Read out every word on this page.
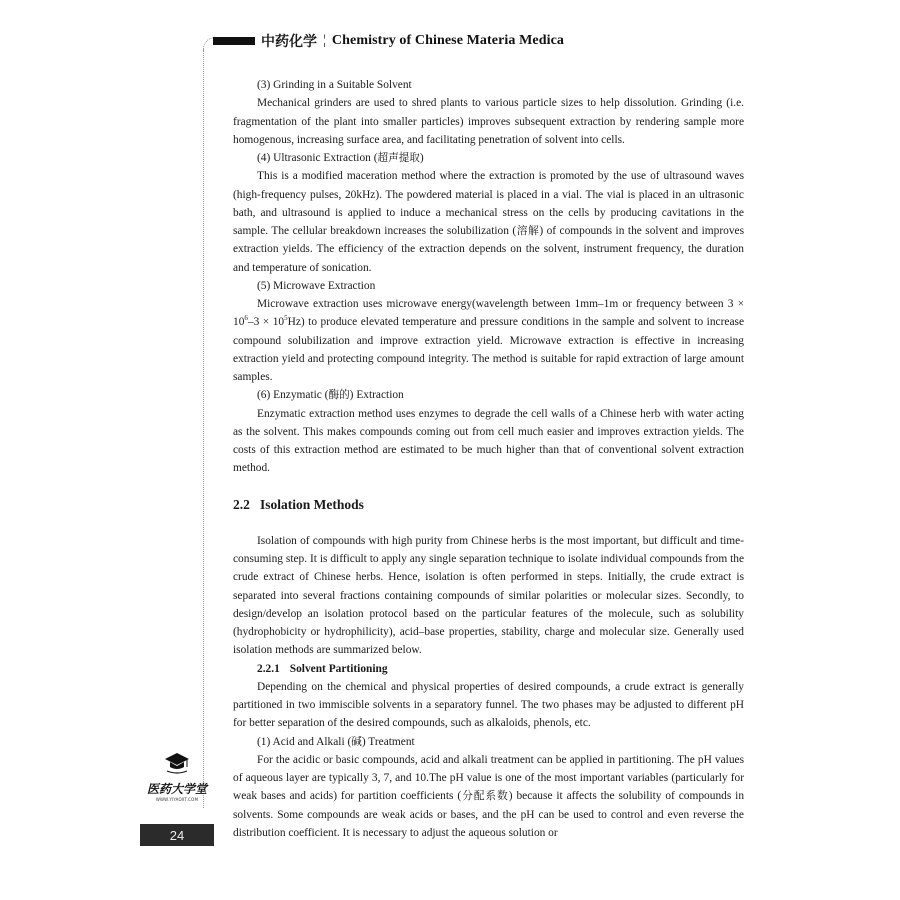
中药化学 ¦ Chemistry of Chinese Materia Medica

(3) Grinding in a Suitable Solvent

Mechanical grinders are used to shred plants to various particle sizes to help dissolution. Grinding (i.e. fragmentation of the plant into smaller particles) improves subsequent extraction by rendering sample more homogenous, increasing surface area, and facilitating penetration of solvent into cells.

(4) Ultrasonic Extraction (超声提取)

This is a modified maceration method where the extraction is promoted by the use of ultrasound waves (high-frequency pulses, 20kHz). The powdered material is placed in a vial. The vial is placed in an ultrasonic bath, and ultrasound is applied to induce a mechanical stress on the cells by producing cavitations in the sample. The cellular breakdown increases the solubilization (溶解) of compounds in the solvent and improves extraction yields. The efficiency of the extraction depends on the solvent, instrument frequency, the duration and temperature of sonication.

(5) Microwave Extraction

Microwave extraction uses microwave energy(wavelength between 1mm–1m or frequency between $3 \times 10^6-3 \times 10^5Hz$) to produce elevated temperature and pressure conditions in the sample and solvent to increase compound solubilization and improve extraction yield. Microwave extraction is effective in increasing extraction yield and protecting compound integrity. The method is suitable for rapid extraction of large amount samples.

(6) Enzymatic (酶的) Extraction

Enzymatic extraction method uses enzymes to degrade the cell walls of a Chinese herb with water acting as the solvent. This makes compounds coming out from cell much easier and improves extraction yields. The costs of this extraction method are estimated to be much higher than that of conventional solvent extraction method.

2.2   Isolation Methods

Isolation of compounds with high purity from Chinese herbs is the most important, but difficult and time-consuming step. It is difficult to apply any single separation technique to isolate individual compounds from the crude extract of Chinese herbs. Hence, isolation is often performed in steps. Initially, the crude extract is separated into several fractions containing compounds of similar polarities or molecular sizes. Secondly, to design/develop an isolation protocol based on the particular features of the molecule, such as solubility (hydrophobicity or hydrophilicity), acid–base properties, stability, charge and molecular size. Generally used isolation methods are summarized below.

2.2.1 Solvent Partitioning

Depending on the chemical and physical properties of desired compounds, a crude extract is generally partitioned in two immiscible solvents in a separatory funnel. The two phases may be adjusted to different pH for better separation of the desired compounds, such as alkaloids, phenols, etc.

(1) Acid and Alkali (碱) Treatment

For the acidic or basic compounds, acid and alkali treatment can be applied in partitioning. The pH values of aqueous layer are typically 3, 7, and 10.The pH value is one of the most important variables (particularly for weak bases and acids) for partition coefficients (分配系数) because it affects the solubility of compounds in solvents. Some compounds are weak acids or bases, and the pH can be used to control and even reverse the distribution coefficient. It is necessary to adjust the aqueous solution or

医药大学堂
WWW.YIYAOXT.COM
24
